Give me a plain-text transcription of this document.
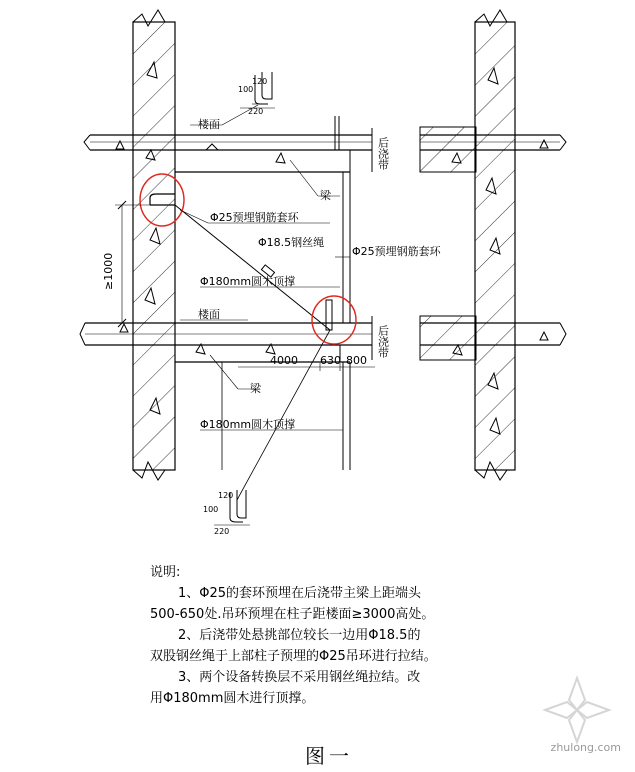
楼面
楼面
梁
梁
后浇带
后浇带
Φ25预埋钢筋套环
Φ25预埋钢筋套环
Φ18.5钢丝绳
Φ180mm圆木顶撑
Φ180mm圆木顶撑
≥1000
4000 630 800
100
120
220
100
120
220
说明:
1、Φ25的套环预埋在后浇带主梁上距端头
500-650处.吊环预埋在柱子距楼面≥3000高处。
2、后浇带处悬挑部位较长一边用Φ18.5的
双股钢丝绳于上部柱子预埋的Φ25吊环进行拉结。
3、两个设备转换层不采用钢丝绳拉结。改
用Φ180mm圆木进行顶撑。
图一	zhulong.com
